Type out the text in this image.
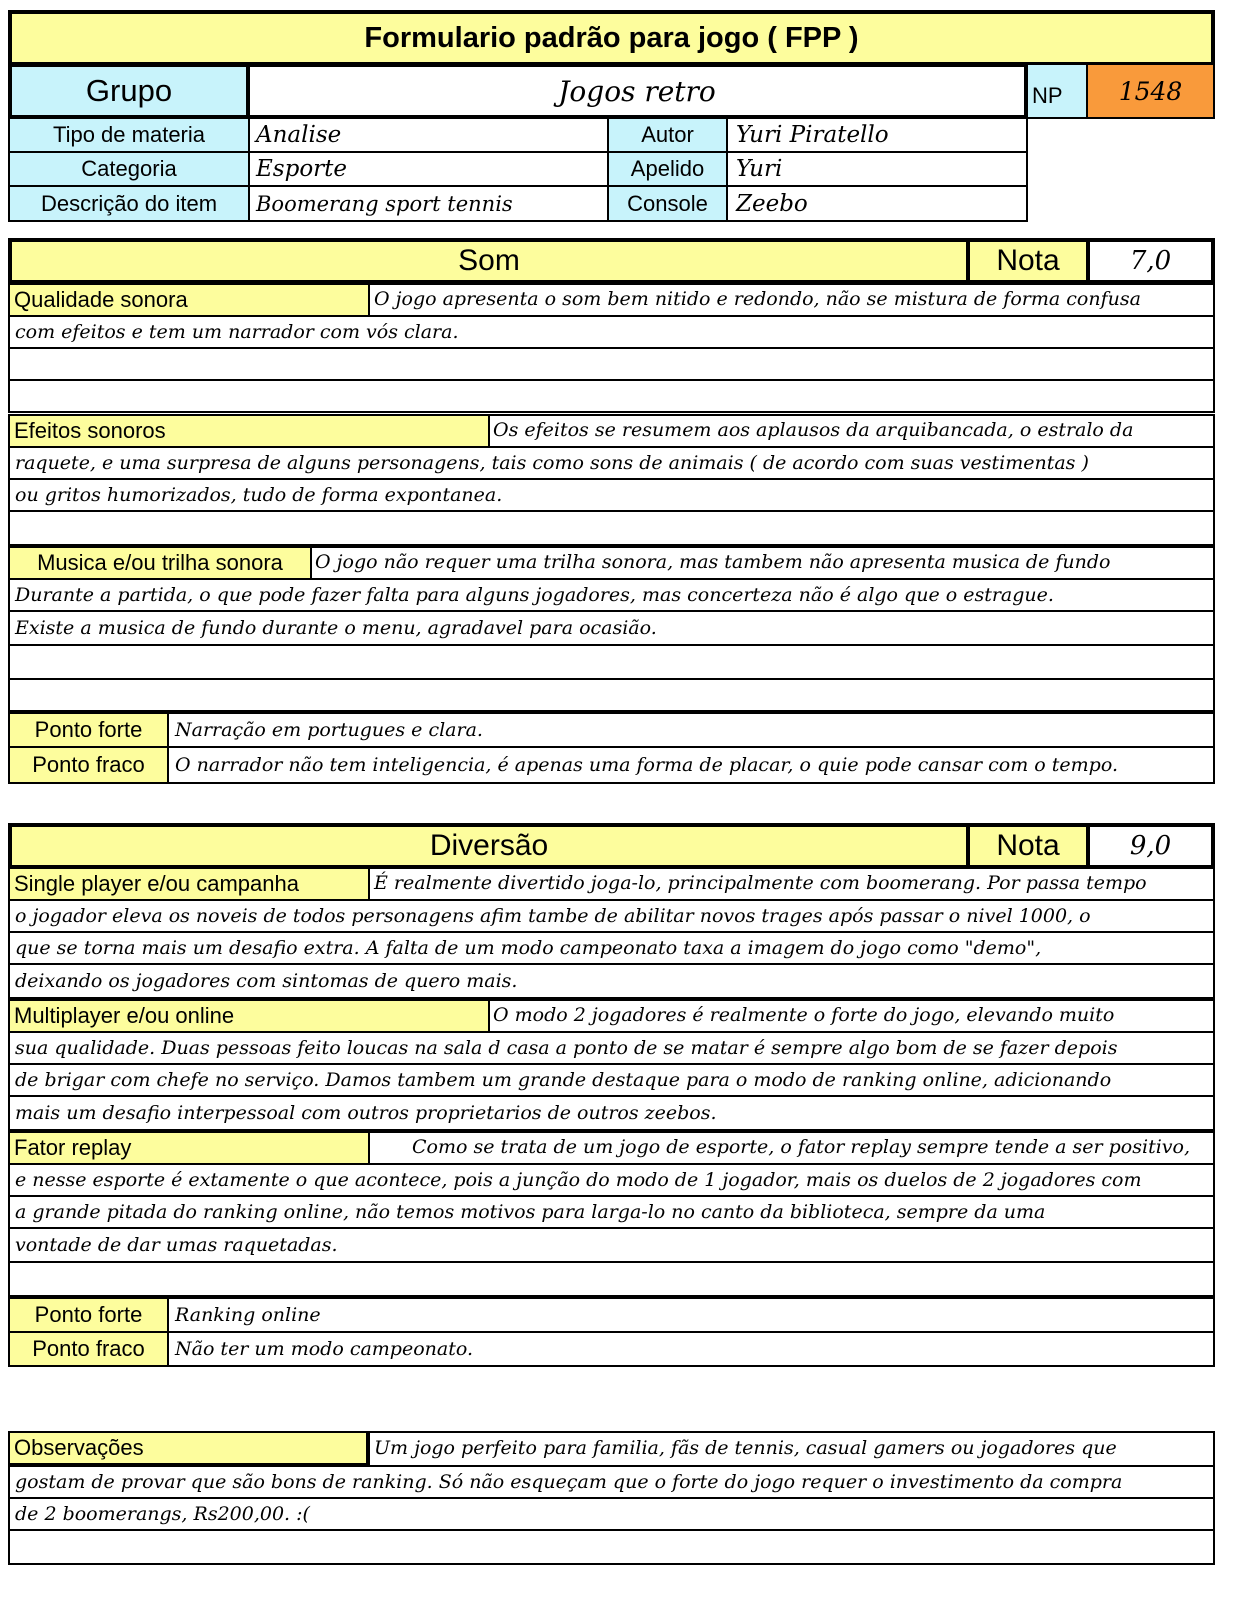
Formulario padrão para jogo ( FPP )
Grupo	Jogos retro	NP	1548
Tipo de materia	Analise	Autor	Yuri Piratello
Categoria	Esporte	Apelido	Yuri
Descrição do item	Boomerang sport tennis	Console	Zeebo
Som	Nota	7,0
Qualidade sonora	O jogo apresenta o som bem nitido e redondo, não se mistura de forma confusa
com efeitos e tem um narrador com vós clara.
Efeitos sonoros	Os efeitos se resumem aos aplausos da arquibancada, o estralo da
raquete, e uma surpresa de alguns personagens, tais como sons de animais ( de acordo com suas vestimentas )
ou gritos humorizados, tudo de forma expontanea.
Musica e/ou trilha sonora	O jogo não requer uma trilha sonora, mas tambem não apresenta musica de fundo
Durante a partida, o que pode fazer falta para alguns jogadores, mas concerteza não é algo que o estrague.
Existe a musica de fundo durante o menu, agradavel para ocasião.
Ponto forte	Narração em portugues e clara.
Ponto fraco	O narrador não tem inteligencia, é apenas uma forma de placar, o quie pode cansar com o tempo.
Diversão	Nota	9,0
Single player e/ou campanha	É realmente divertido joga-lo, principalmente com boomerang. Por passa tempo
o jogador eleva os noveis de todos personagens afim tambe de abilitar novos trages após passar o nivel 1000, o
que se torna mais um desafio extra. A falta de um modo campeonato taxa a imagem do jogo como "demo",
deixando os jogadores com sintomas de quero mais.
Multiplayer e/ou online	O modo 2 jogadores é realmente o forte do jogo, elevando muito
sua qualidade. Duas pessoas feito loucas na sala d casa a ponto de se matar é sempre algo bom de se fazer depois
de brigar com chefe no serviço. Damos tambem um grande destaque para o modo de ranking online, adicionando
mais um desafio interpessoal com outros proprietarios de outros zeebos.
Fator replay	Como se trata de um jogo de esporte, o fator replay sempre tende a ser positivo,
e nesse esporte é extamente o que acontece, pois a junção do modo de 1 jogador, mais os duelos de 2 jogadores com
a grande pitada do ranking online, não temos motivos para larga-lo no canto da biblioteca, sempre da uma
vontade de dar umas raquetadas.
Ponto forte	Ranking online
Ponto fraco	Não ter um modo campeonato.
Observações	Um jogo perfeito para familia, fãs de tennis, casual gamers ou jogadores que
gostam de provar que são bons de ranking. Só não esqueçam que o forte do jogo requer o investimento da compra
de 2 boomerangs, Rs200,00. :(
